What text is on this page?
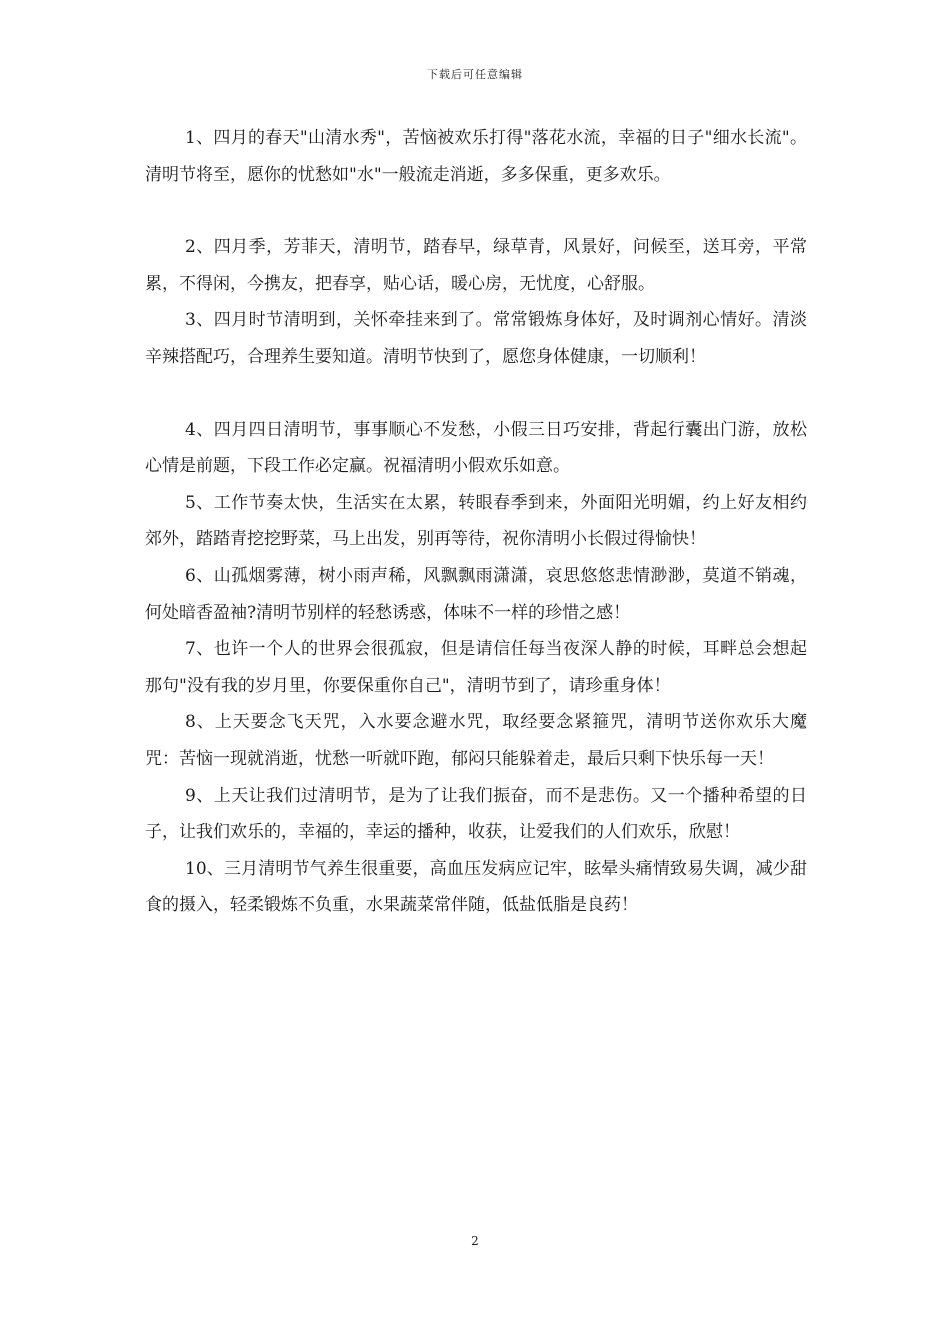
下载后可任意编辑

1、四月的春天"山清水秀"，苦恼被欢乐打得"落花水流，幸福的日子"细水长流"。清明节将至，愿你的忧愁如"水"一般流走消逝，多多保重，更多欢乐。

2、四月季，芳菲天，清明节，踏春早，绿草青，风景好，问候至，送耳旁，平常累，不得闲，今携友，把春享，贴心话，暖心房，无忧度，心舒服。

3、四月时节清明到，关怀牵挂来到了。常常锻炼身体好，及时调剂心情好。清淡辛辣搭配巧，合理养生要知道。清明节快到了，愿您身体健康，一切顺利！

4、四月四日清明节，事事顺心不发愁，小假三日巧安排，背起行囊出门游，放松心情是前题，下段工作必定赢。祝福清明小假欢乐如意。

5、工作节奏太快，生活实在太累，转眼春季到来，外面阳光明媚，约上好友相约郊外，踏踏青挖挖野菜，马上出发，别再等待，祝你清明小长假过得愉快！

6、山孤烟雾薄，树小雨声稀，风飘飘雨潇潇，哀思悠悠悲情渺渺，莫道不销魂，何处暗香盈袖?清明节别样的轻愁诱惑，体味不一样的珍惜之感！

7、也许一个人的世界会很孤寂，但是请信任每当夜深人静的时候，耳畔总会想起那句"没有我的岁月里，你要保重你自己"，清明节到了，请珍重身体！

8、上天要念飞天咒，入水要念避水咒，取经要念紧箍咒，清明节送你欢乐大魔咒：苦恼一现就消逝，忧愁一听就吓跑，郁闷只能躲着走，最后只剩下快乐每一天！

9、上天让我们过清明节，是为了让我们振奋，而不是悲伤。又一个播种希望的日子，让我们欢乐的，幸福的，幸运的播种，收获，让爱我们的人们欢乐，欣慰！

10、三月清明节气养生很重要，高血压发病应记牢，眩晕头痛情致易失调，减少甜食的摄入，轻柔锻炼不负重，水果蔬菜常伴随，低盐低脂是良药！

2
